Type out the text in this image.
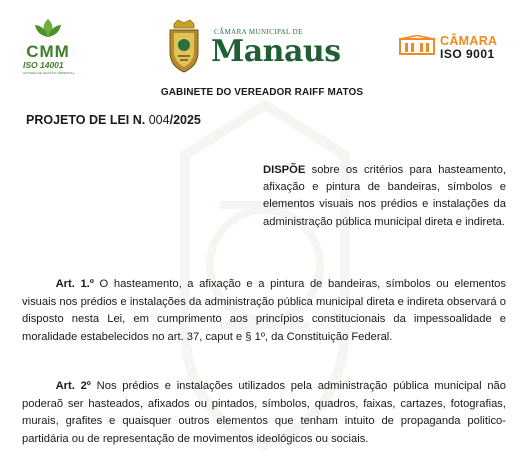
CMM
ISO 14001
SISTEMA DE GESTÃO AMBIENTAL
CÂMARA MUNICIPAL DE
Manaus	CÂMARA
ISO 9001
GABINETE DO VEREADOR RAIFF MATOS
PROJETO DE LEI N. 004/2025
DISPÕE sobre os critérios para hasteamento, afixação e pintura de bandeiras, símbolos e elementos visuais nos prédios e instalações da administração pública municipal direta e indireta.
   Art. 1.º O hasteamento, a afixação e a pintura de bandeiras, símbolos ou elementos visuais nos prédios e instalações da administração pública municipal direta e indireta observará o disposto nesta Lei, em cumprimento aos princípios constitucionais da impessoalidade e moralidade estabelecidos no art. 37, caput e § 1º, da Constituição Federal.
   Art. 2º Nos prédios e instalações utilizados pela administração pública municipal não poderaõ ser hasteados, afixados ou pintados, símbolos, quadros, faixas, cartazes, fotografias, murais, grafites e quaisquer outros elementos que tenham intuito de propaganda politico-partidária ou de representação de movimentos ideológicos ou sociais.
